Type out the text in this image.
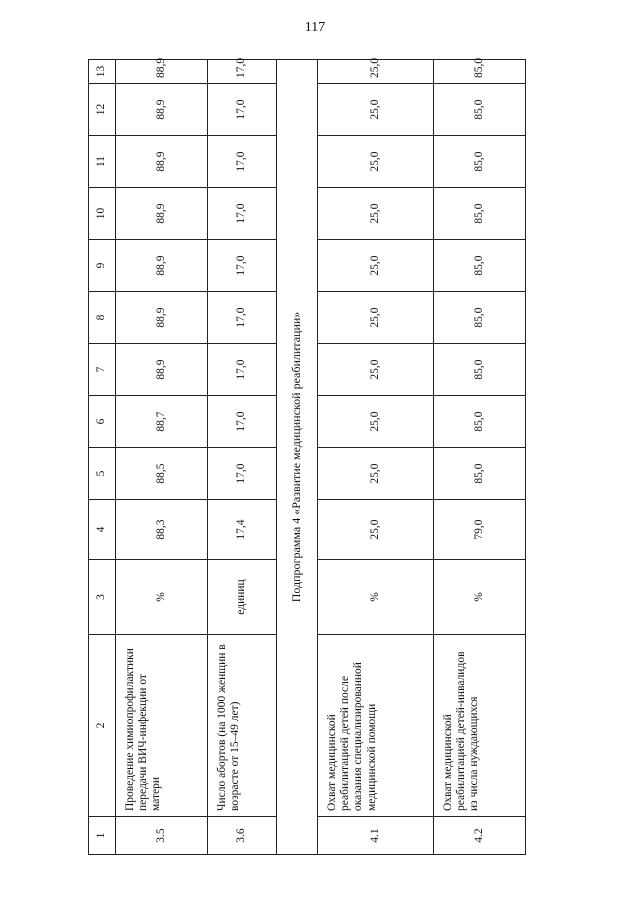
117
1	2	3	4	5	6	7	8	9	10	11	12	13
3.5	Проведение химиопрофилактики передачи ВИЧ-инфекции от матери	%	88,3	88,5	88,7	88,9	88,9	88,9	88,9	88,9	88,9	88,9
3.6	Число абортов (на 1000 женщин в возрасте от 15–49 лет)	единиц	17,4	17,0	17,0	17,0	17,0	17,0	17,0	17,0	17,0	17,0
Подпрограмма 4 «Развитие медицинской реабилитации»												
4.1	Охват медицинской реабилитацией детей после оказания специализированной медицинской помощи	%	25,0	25,0	25,0	25,0	25,0	25,0	25,0	25,0	25,0	25,0
4.2	Охват медицинской реабилитацией детей-инвалидов из числа нуждающихся	%	79,0	85,0	85,0	85,0	85,0	85,0	85,0	85,0	85,0	85,0
